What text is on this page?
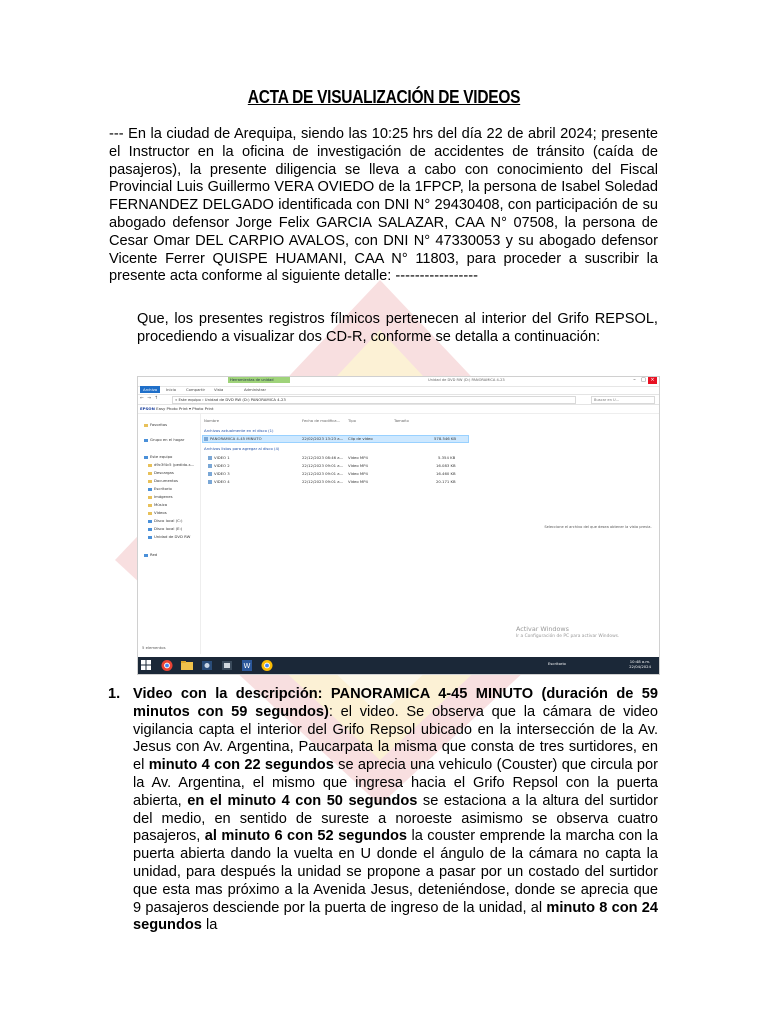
ACTA DE VISUALIZACIÓN DE VIDEOS
--- En la ciudad de Arequipa, siendo las 10:25 hrs del día 22 de abril 2024; presente el Instructor en la oficina de investigación de accidentes de tránsito (caída de pasajeros), la presente diligencia se lleva a cabo con conocimiento del Fiscal Provincial Luis Guillermo VERA OVIEDO de la 1FPCP, la persona de Isabel Soledad FERNANDEZ DELGADO identificada con DNI N° 29430408, con participación de su abogado defensor Jorge Felix GARCIA SALAZAR, CAA N° 07508, la persona de Cesar Omar DEL CARPIO AVALOS, con DNI N° 47330053 y su abogado defensor Vicente Ferrer QUISPE HUAMANI, CAA N° 11803, para proceder a suscribir la presente acta conforme al siguiente detalle: -----------------
Que, los presentes registros fílmicos pertenecen al interior del Grifo REPSOL, procediendo a visualizar dos CD-R, conforme se detalla a continuación:
Herramientas de unidad	Unidad de DVD RW (D:) PANORAMICA 4-23	–	□ ×
Archivo	Inicio	Compartir Vista	Administrar
← → ↑	« Este equipo › Unidad de DVD RW (D:) PANORAMICA 4-23	Buscar en U...
EPSON Easy Photo Print ▾ Photo Print
Favoritos
Grupo en el hogar
Este equipo
d9c3f4c5 (pedido-s...
Descargas
Documentos
Escritorio
Imágenes
Música
Vídeos
Disco local (C:)
Disco local (E:)
Unidad de DVD RW
Red
Nombre	Fecha de modifica... Tipo	Tamaño
Archivos actualmente en el disco (1)
PANORAMICA 4-45 MINUTO	22/02/2023 13:23 a... Clip de vídeo	578.546 KB
Archivos listos para agregar al disco (4)
VIDEO 1	22/12/2023 08:46 a... Vídeo MP4	5.354 KB
VIDEO 2	22/12/2023 09:01 a... Vídeo MP4	16.083 KB
VIDEO 3	22/12/2023 09:01 a... Vídeo MP4	16.460 KB
VIDEO 4	22/12/2023 09:01 a... Vídeo MP4	20.171 KB
Seleccione el archivo del que desea obtener la vista previa.
Activar Windows
Ir a Configuración de PC para activar Windows.
5 elementos
W	Escritorio	10:48 a.m.
22/04/2024
1. Video con la descripción: PANORAMICA 4-45 MINUTO (duración de 59 minutos con 59 segundos): el video. Se observa que la cámara de video vigilancia capta el interior del Grifo Repsol ubicado en la intersección de la Av. Jesus con Av. Argentina, Paucarpata la misma que consta de tres surtidores, en el minuto 4 con 22 segundos se aprecia una vehiculo (Couster) que circula por la Av. Argentina, el mismo que ingresa hacia el Grifo Repsol con la puerta abierta, en el minuto 4 con 50 segundos se estaciona a la altura del surtidor del medio, en sentido de sureste a noroeste asimismo se observa cuatro pasajeros, al minuto 6 con 52 segundos la couster emprende la marcha con la puerta abierta dando la vuelta en U donde el ángulo de la cámara no capta la unidad, para después la unidad se propone a pasar por un costado del surtidor que esta mas próximo a la Avenida Jesus, deteniéndose, donde se aprecia que 9 pasajeros desciende por la puerta de ingreso de la unidad, al minuto 8 con 24 segundos la
